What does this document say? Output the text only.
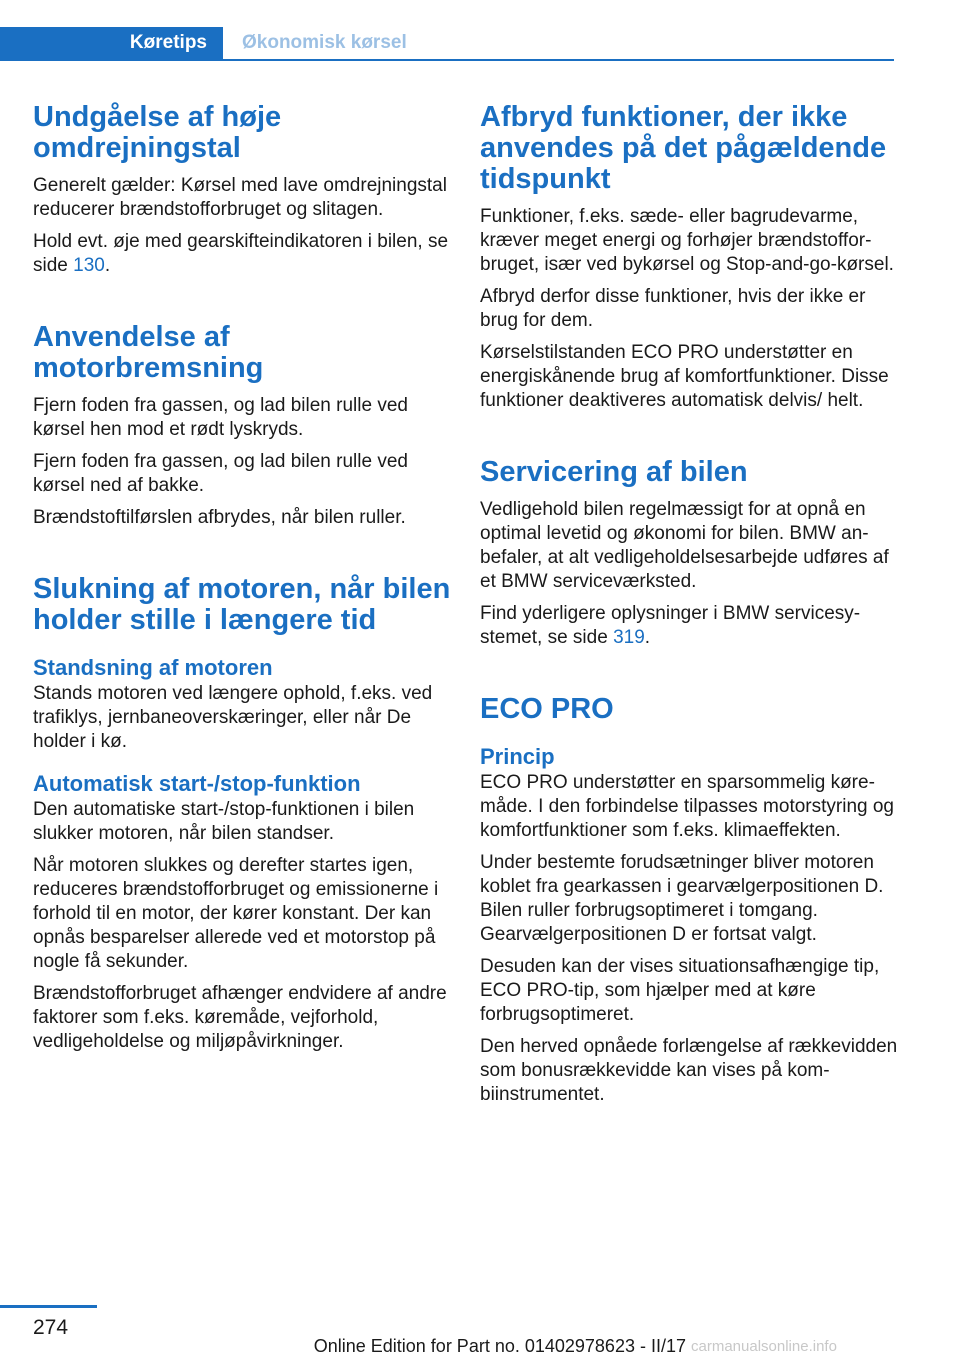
Køretips	Økonomisk kørsel
Undgåelse af høje omdrejningstal

Generelt gælder: Kørsel med lave omdrejningstal reducerer brændstofforbruget og slitagen.

Hold evt. øje med gearskifteindikatoren i bilen, se side 130.

Anvendelse af motorbremsning

Fjern foden fra gassen, og lad bilen rulle ved kørsel hen mod et rødt lyskryds.

Fjern foden fra gassen, og lad bilen rulle ved kørsel ned af bakke.

Brændstoftilførslen afbrydes, når bilen ruller.

Slukning af motoren, når bilen holder stille i længere tid
Standsning af motoren

Stands motoren ved længere ophold, f.eks. ved trafiklys, jernbaneoverskæringer, eller når De holder i kø.

Automatisk start-/stop-funktion

Den automatiske start-/stop-funktionen i bilen slukker motoren, når bilen standser.

Når motoren slukkes og derefter startes igen, reduceres brændstofforbruget og emissionerne i forhold til en motor, der kører konstant. Der kan opnås besparelser allerede ved et motorstop på nogle få sekunder.

Brændstofforbruget afhænger endvidere af andre faktorer som f.eks. køremåde, vejforhold, vedligeholdelse og miljøpåvirkninger.

Afbryd funktioner, der ikke anvendes på det pågældende tidspunkt

Funktioner, f.eks. sæde- eller bagrudevarme, kræver meget energi og forhøjer brændstofforbruget, især ved bykørsel og Stop-and-go-kørsel.

Afbryd derfor disse funktioner, hvis der ikke er brug for dem.

Kørselstilstanden ECO PRO understøtter en energiskånende brug af komfortfunktioner. Disse funktioner deaktiveres automatisk delvis/ helt.

Servicering af bilen

Vedligehold bilen regelmæssigt for at opnå en optimal levetid og økonomi for bilen. BMW anbefaler, at alt vedligeholdelsesarbejde udføres af et BMW serviceværksted.

Find yderligere oplysninger i BMW servicesystemet, se side 319.

ECO PRO
Princip

ECO PRO understøtter en sparsommelig køremåde. I den forbindelse tilpasses motorstyring og komfortfunktioner som f.eks. klimaeffekten.

Under bestemte forudsætninger bliver motoren koblet fra gearkassen i gearvælgerpositionen D. Bilen ruller forbrugsoptimeret i tomgang. Gearvælgerpositionen D er fortsat valgt.

Desuden kan der vises situationsafhængige tip, ECO PRO-tip, som hjælper med at køre forbrugsoptimeret.

Den herved opnåede forlængelse af rækkevidden som bonusrækkevidde kan vises på kombiinstrumentet.

274
Online Edition for Part no. 01402978623 - II/17 carmanualsonline.info
